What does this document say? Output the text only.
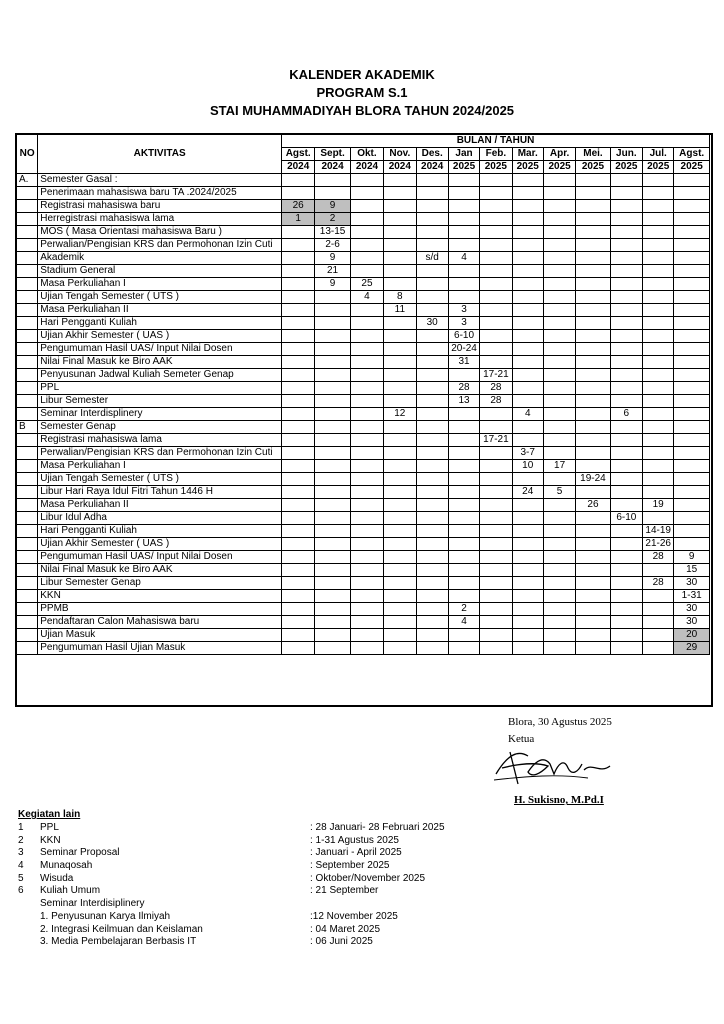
KALENDER AKADEMIK
PROGRAM S.1
STAI MUHAMMADIYAH BLORA TAHUN 2024/2025
NO	AKTIVITAS	BULAN / TAHUN												
		Agst.	Sept.	Okt.	Nov.	Des.	Jan	Feb.	Mar.	Apr.	Mei.	Jun.	Jul.	Agst.
		2024	2024	2024	2024	2024	2025	2025	2025	2025	2025	2025	2025	2025
A.	Semester Gasal :													
	Penerimaan mahasiswa baru TA .2024/2025													
	Registrasi mahasiswa baru	26	9											
	Herregistrasi mahasiswa lama	1	2											
	MOS ( Masa Orientasi mahasiswa Baru )		13-15											
	Perwalian/Pengisian KRS dan Permohonan Izin Cuti		2-6											
	Akademik		9			s/d	4							
	Stadium General		21											
	Masa Perkuliahan I		9	25										
	Ujian Tengah Semester ( UTS )			4	8									
	Masa Perkuliahan II				11		3							
	Hari Pengganti Kuliah					30	3							
	Ujian Akhir Semester ( UAS )						6-10							
	Pengumuman Hasil UAS/ Input Nilai Dosen						20-24							
	Nilai Final Masuk ke Biro AAK						31							
	Penyusunan Jadwal Kuliah Semeter Genap							17-21						
	PPL						28	28						
	Libur Semester						13	28						
	Seminar Interdisplinery				12				4			6		
B	Semester Genap													
	Registrasi mahasiswa lama							17-21						
	Perwalian/Pengisian KRS dan Permohonan Izin Cuti								3-7					
	Masa Perkuliahan I								10	17				
	Ujian Tengah Semester ( UTS )										19-24			
	Libur Hari Raya Idul Fitri Tahun 1446 H								24	5				
	Masa Perkuliahan II										26		19	
	Libur Idul Adha											6-10		
	Hari Pengganti Kuliah												14-19	
	Ujian Akhir Semester ( UAS )												21-26	
	Pengumuman Hasil UAS/ Input Nilai Dosen												28	9
	Nilai Final Masuk ke Biro AAK													15
	Libur Semester Genap												28	30
	KKN													1-31
	PPMB						2							30
	Pendaftaran Calon Mahasiswa baru						4							30
	Ujian Masuk													20
	Pengumuman Hasil Ujian Masuk													29
Blora, 30 Agustus 2025
Ketua
H. Sukisno, M.Pd.I
Kegiatan lain
1 PPL	: 28 Januari- 28 Februari 2025
2 KKN	: 1-31 Agustus 2025
3 Seminar Proposal	: Januari - April 2025
4 Munaqosah	: September 2025
5 Wisuda	: Oktober/November 2025
6 Kuliah Umum	: 21 September
Seminar Interdisiplinery
1. Penyusunan Karya Ilmiyah	:12 November 2025
2. Integrasi Keilmuan dan Keislaman	: 04 Maret 2025
3. Media Pembelajaran Berbasis IT	: 06 Juni 2025
